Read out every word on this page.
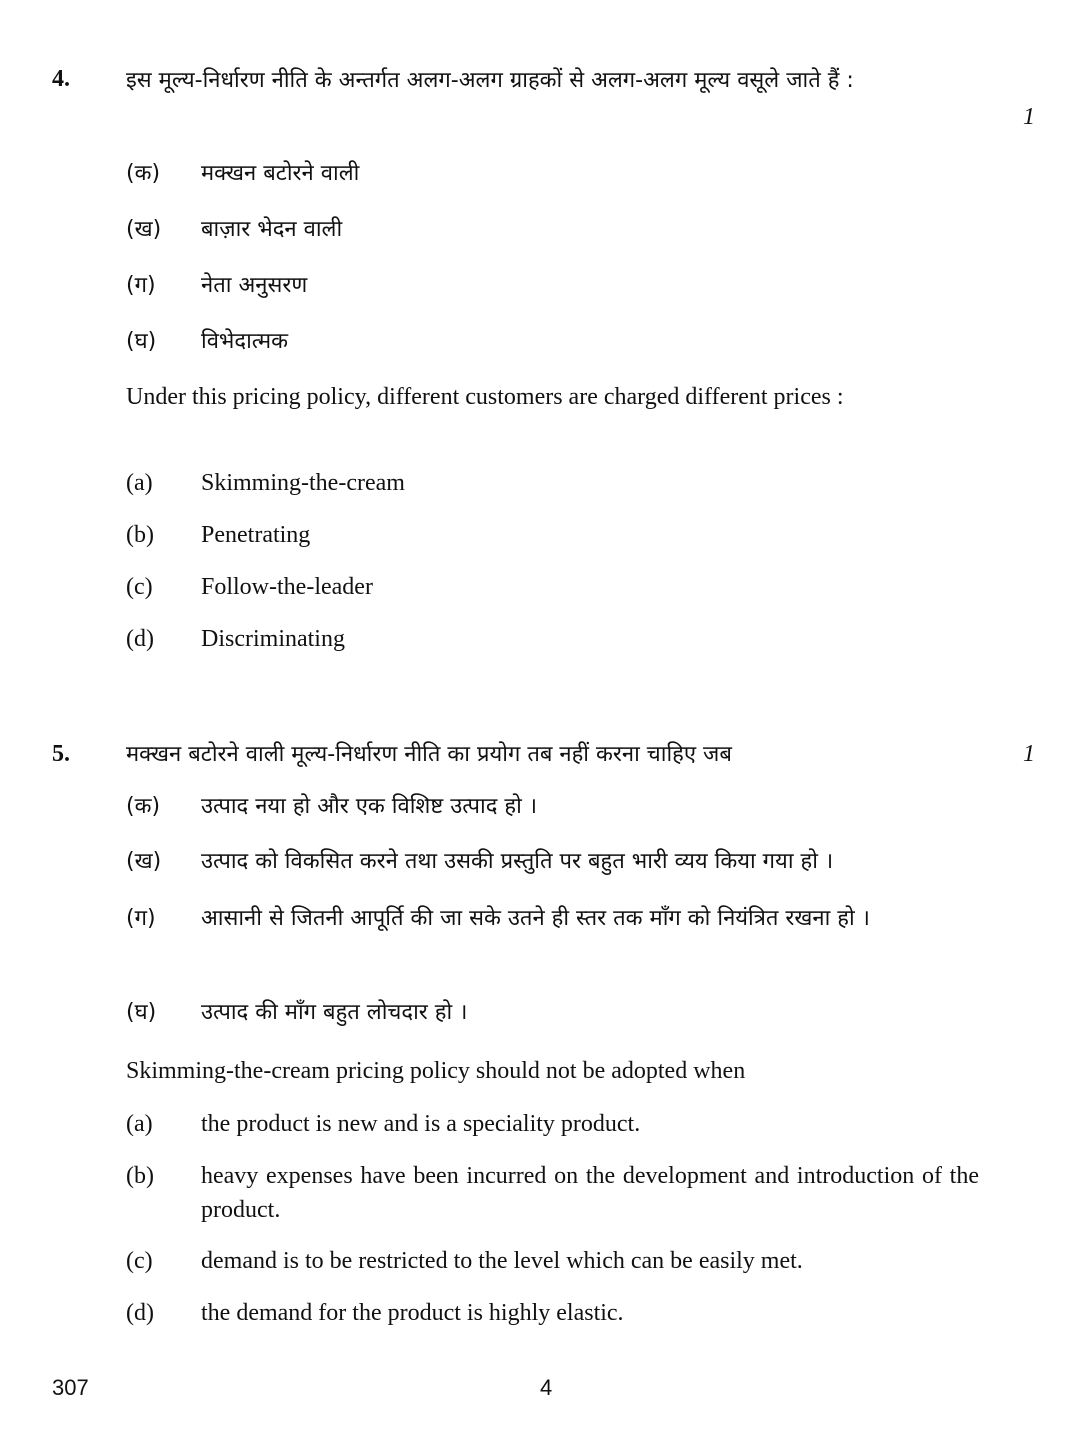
4.	इस मूल्य-निर्धारण नीति के अन्तर्गत अलग-अलग ग्राहकों से अलग-अलग मूल्य वसूले जाते हैं :
1
(क) मक्खन बटोरने वाली
(ख) बाज़ार भेदन वाली
(ग) नेता अनुसरण
(घ) विभेदात्मक
Under this pricing policy, different customers are charged different prices :
(a) Skimming-the-cream
(b) Penetrating
(c) Follow-the-leader
(d) Discriminating
5.	मक्खन बटोरने वाली मूल्य-निर्धारण नीति का प्रयोग तब नहीं करना चाहिए जब	1
(क) उत्पाद नया हो और एक विशिष्ट उत्पाद हो ।
(ख) उत्पाद को विकसित करने तथा उसकी प्रस्तुति पर बहुत भारी व्यय किया गया हो ।
(ग) आसानी से जितनी आपूर्ति की जा सके उतने ही स्तर तक माँग को नियंत्रित रखना हो ।
(घ) उत्पाद की माँग बहुत लोचदार हो ।
Skimming-the-cream pricing policy should not be adopted when
(a) the product is new and is a speciality product.
(b) heavy expenses have been incurred on the development and introduction of the product.
(c) demand is to be restricted to the level which can be easily met.
(d) the demand for the product is highly elastic.
307	4
